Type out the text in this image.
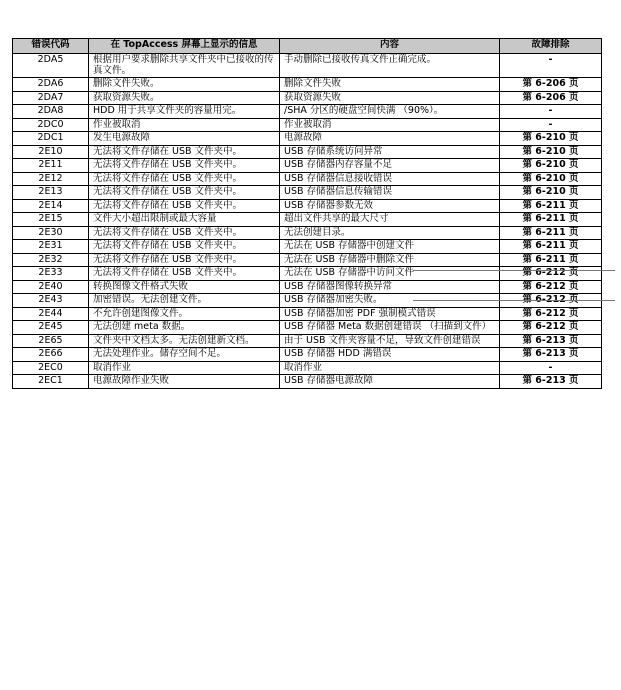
错误代码	在 TopAccess 屏幕上显示的信息	内容	故障排除
2DA5	根据用户要求删除共享文件夹中已接收的传真文件。	手动删除已接收传真文件正确完成。	-
2DA6	删除文件失败。	删除文件失败	第 6-206 页
2DA7	获取资源失败。	获取资源失败	第 6-206 页
2DA8	HDD 用于共享文件夹的容量用完。	/SHA 分区的硬盘空间快满 （90%）。	-
2DC0	作业被取消	作业被取消	-
2DC1	发生电源故障	电源故障	第 6-210 页
2E10	无法将文件存储在 USB 文件夹中。	USB 存储系统访问异常	第 6-210 页
2E11	无法将文件存储在 USB 文件夹中。	USB 存储器内存容量不足	第 6-210 页
2E12	无法将文件存储在 USB 文件夹中。	USB 存储器信息接收错误	第 6-210 页
2E13	无法将文件存储在 USB 文件夹中。	USB 存储器信息传输错误	第 6-210 页
2E14	无法将文件存储在 USB 文件夹中。	USB 存储器参数无效	第 6-211 页
2E15	文件大小超出限制或最大容量	超出文件共享的最大尺寸	第 6-211 页
2E30	无法将文件存储在 USB 文件夹中。	无法创建目录。	第 6-211 页
2E31	无法将文件存储在 USB 文件夹中。	无法在 USB 存储器中创建文件	第 6-211 页
2E32	无法将文件存储在 USB 文件夹中。	无法在 USB 存储器中删除文件	第 6-211 页
2E33	无法将文件存储在 USB 文件夹中。	无法在 USB 存储器中访问文件	第 6-212 页
2E40	转换图像文件格式失败	USB 存储器图像转换异常	第 6-212 页
2E43	加密错误。无法创建文件。	USB 存储器加密失败。	第 6-212 页
2E44	不允许创建图像文件。	USB 存储器加密 PDF 强制模式错误	第 6-212 页
2E45	无法创建 meta 数据。	USB 存储器 Meta 数据创建错误 （扫描到文件）	第 6-212 页
2E65	文件夹中文档太多。无法创建新文档。	由于 USB 文件夹容量不足，导致文件创建错误	第 6-213 页
2E66	无法处理作业。储存空间不足。	USB 存储器 HDD 满错误	第 6-213 页
2EC0	取消作业	取消作业	-
2EC1	电源故障作业失败	USB 存储器电源故障	第 6-213 页
